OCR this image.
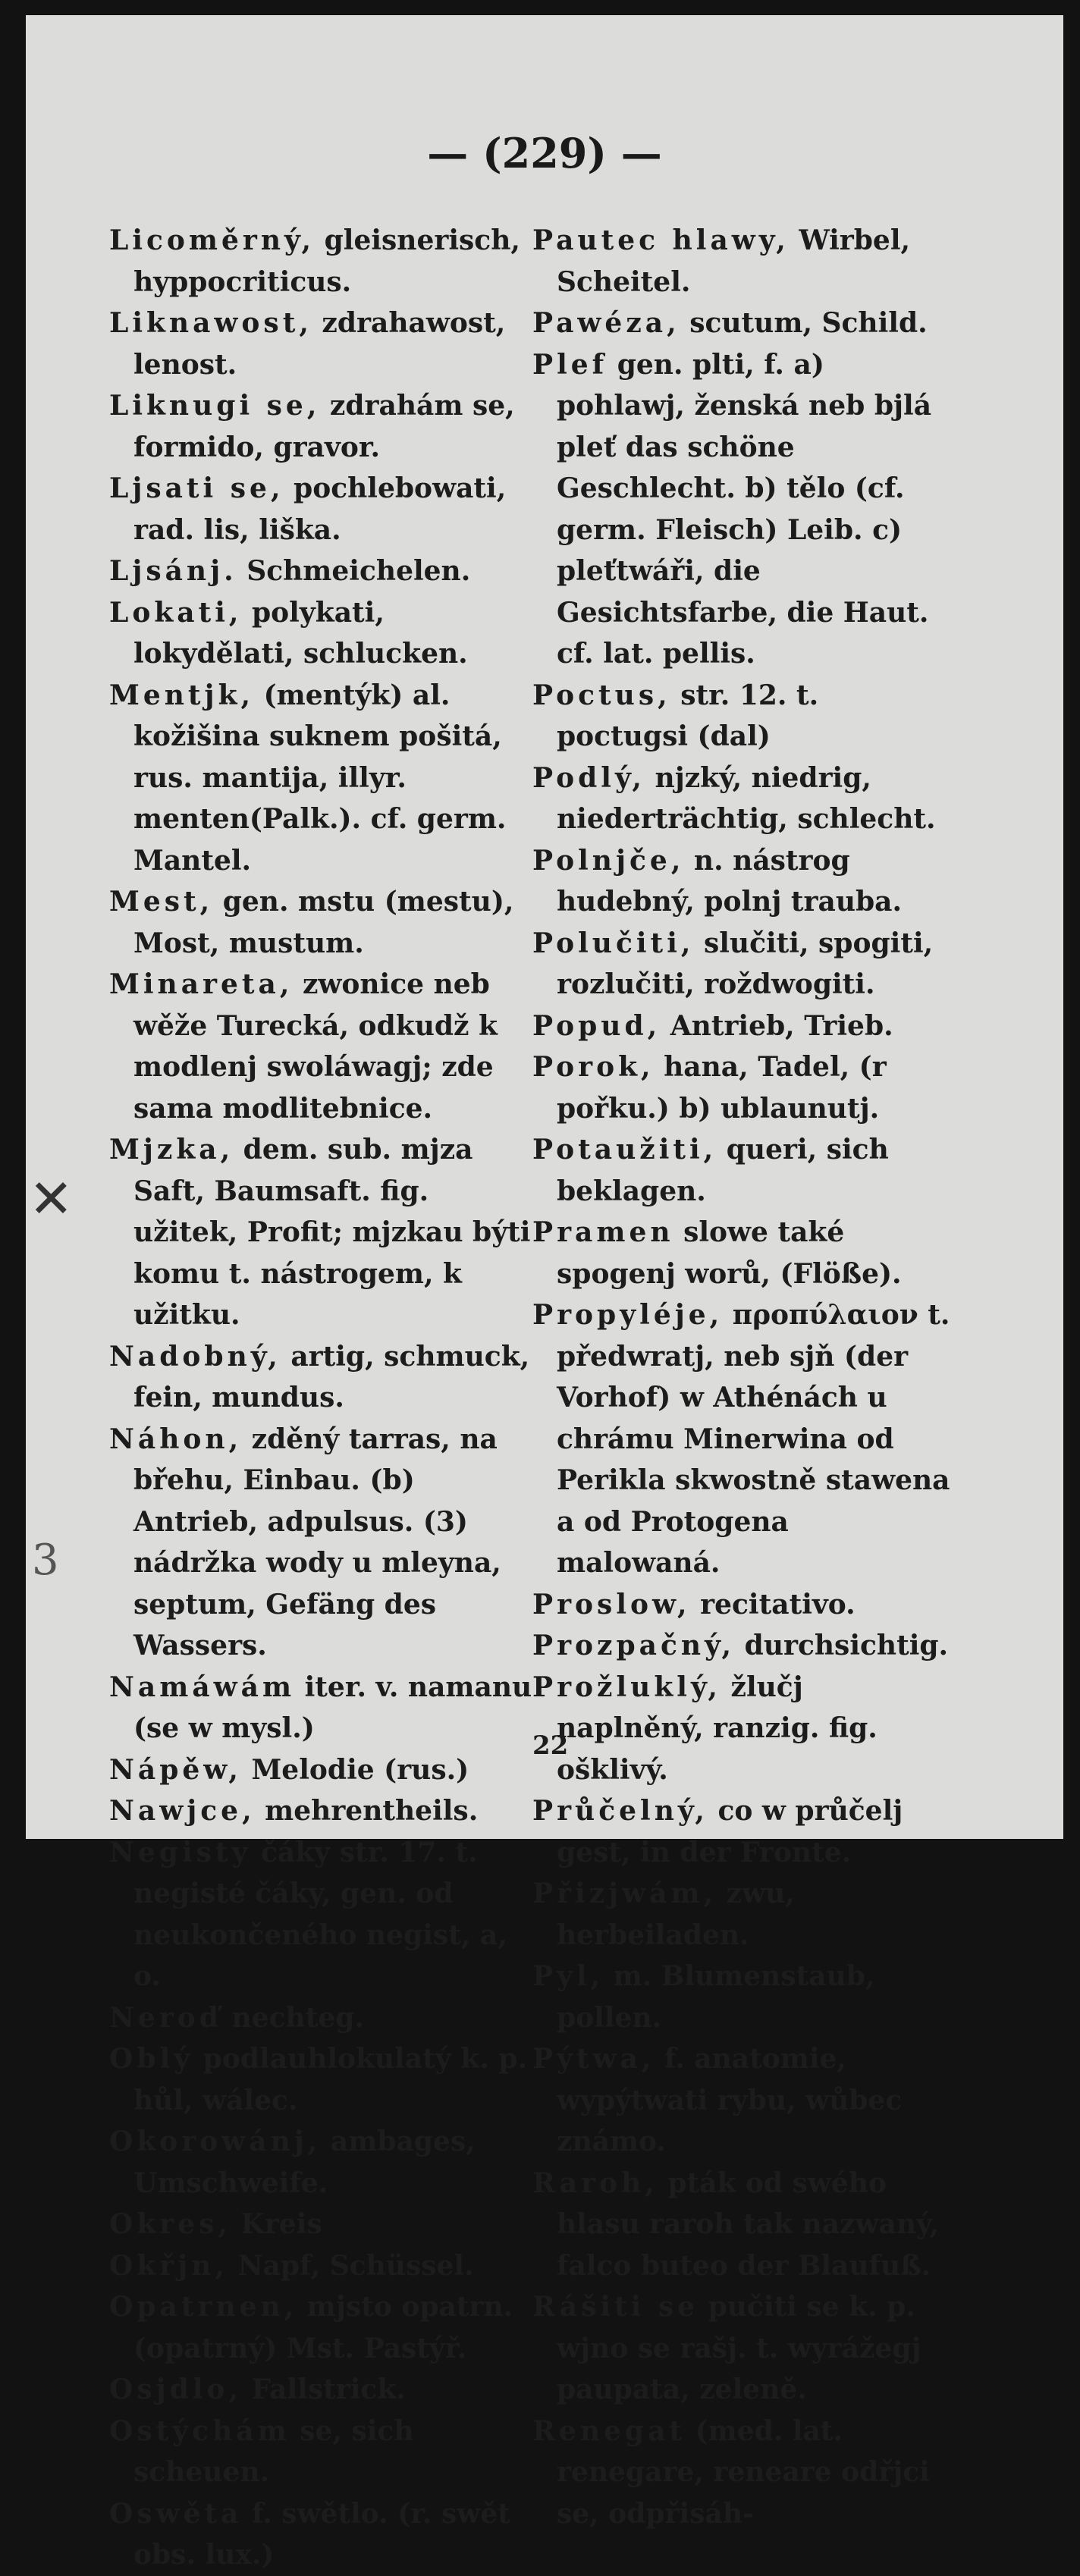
— (229) —

Licoměrný, gleisnerisch, hyppocriticus.

Liknawost, zdrahawost, lenost.

Liknugi se, zdrahám se, formido, gravor.

Ljsati se, pochlebowati, rad. lis, liška.

Ljsánj. Schmeichelen.

Lokati, polykati, lokydělati, schlucken.

Mentjk, (mentýk) al. kožišina suknem pošitá, rus. mantija, illyr. menten(Palk.). cf. germ. Mantel.

Mest, gen. mstu (mestu), Most, mustum.

Minareta, zwonice neb wěže Turecká, odkudž k modlenj swoláwagj; zde sama modlitebnice.

Mjzka, dem. sub. mjza Saft, Baumsaft. fig. užitek, Profit; mjzkau býti komu t. nástrogem, k užitku.

Nadobný, artig, schmuck, fein, mundus.

Náhon, zděný tarras, na břehu, Einbau. (b) Antrieb, adpulsus. (3) nádržka wody u mleyna, septum, Gefäng des Wassers.

Namáwám iter. v. namanu (se w mysl.)

Nápěw, Melodie (rus.)

Nawjce, mehrentheils.

Negisty čáky str. 17. t. negisté čáky, gen. od neukončeného negist, a, o.

Neroď nechteg.

Oblý podlauhlokulatý k. p. hůl, wálec.

Okorowánj, ambages, Umschweife.

Okres, Kreis

Okřjn, Napf, Schüssel.

Opatrnen, mjsto opatrn. (opatrný) Mst. Pastýř.

Osjdlo, Fallstrick.

Ostýchám se, sich scheuen.

Oswěta f. swětlo. (r. swět obs. lux.)

Pautec hlawy, Wirbel, Scheitel.

Pawéza, scutum, Schild.

Plef gen. plti, f. a) pohlawj, ženská neb bjlá pleť das schöne Geschlecht. b) tělo (cf. germ. Fleisch) Leib. c) pleťtwáři, die Gesichtsfarbe, die Haut. cf. lat. pellis.

Poctus, str. 12. t. poctugsi (dal)

Podlý, njzký, niedrig, niederträchtig, schlecht.

Polnjče, n. nástrog hudebný, polnj trauba.

Polučiti, slučiti, spogiti, rozlučiti, roždwogiti.

Popud, Antrieb, Trieb.

Porok, hana, Tadel, (r pořku.) b) ublaunutj.

Potaužiti, queri, sich beklagen.

Pramen slowe také spogenj worů, (Flöße).

Propyléje, προπύλαιον t. předwratj, neb sjň (der Vorhof) w Athénách u chrámu Minerwina od Perikla skwostně stawena a od Protogena malowaná.

Proslow, recitativo.

Prozpačný, durchsichtig.

Prožluklý, žlučj naplněný, ranzig. fig. ošklivý.

Průčelný, co w průčelj gest, in der Fronte.

Přizjwám, zwu, herbeiladen.

Pyl, m. Blumenstaub, pollen.

Pýtwa, f. anatomie, wypýtwati rybu, wůbec známo.

Raroh, pták od swého hlasu raroh tak nazwaný, falco buteo der Blaufuß.

Rášiti se pučiti se k. p. wjno se rašj. t. wyrážegj paupata, zeleně.

Renegat (med. lat. renegare, reneare odřjci se, odpřisáh-

22
✕
3
